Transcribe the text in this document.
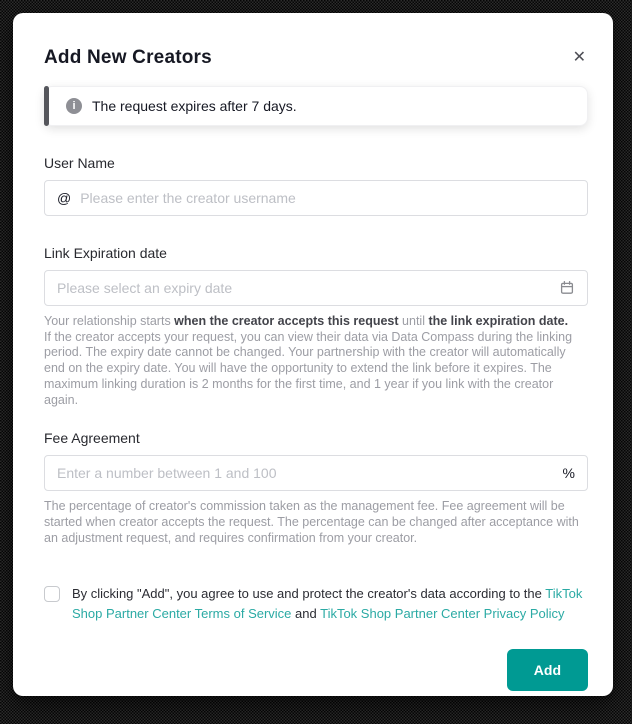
Add New Creators	✕
i	The request expires after 7 days.
User Name
@
Please enter the creator username
Link Expiration date
Please select an expiry date
Your relationship starts when the creator accepts this request until the link expiration date.
If the creator accepts your request, you can view their data via Data Compass during the linking period. The expiry date cannot be changed. Your partnership with the creator will automatically end on the expiry date. You will have the opportunity to extend the link before it expires. The maximum linking duration is 2 months for the first time, and 1 year if you link with the creator again.
Fee Agreement
Enter a number between 1 and 100
%
The percentage of creator's commission taken as the management fee. Fee agreement will be started when creator accepts the request. The percentage can be changed after acceptance with an adjustment request, and requires confirmation from your creator.
By clicking "Add", you agree to use and protect the creator's data according to the TikTok Shop Partner Center Terms of Service and TikTok Shop Partner Center Privacy Policy
Add
